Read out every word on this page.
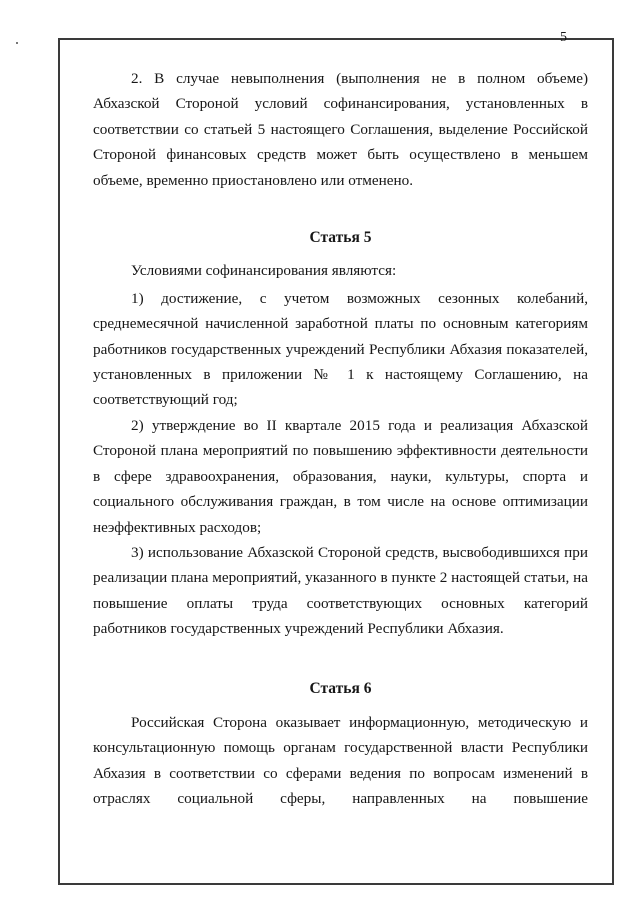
5

2. В случае невыполнения (выполнения не в полном объеме) Абхазской Стороной условий софинансирования, установленных в соответствии со статьей 5 настоящего Соглашения, выделение Российской Стороной финансовых средств может быть осуществлено в меньшем объеме, временно приостановлено или отменено.

Статья 5

Условиями софинансирования являются:

1) достижение, с учетом возможных сезонных колебаний, среднемесячной начисленной заработной платы по основным категориям работников государственных учреждений Республики Абхазия показателей, установленных в приложении № 1 к настоящему Соглашению, на соответствующий год;

2) утверждение во II квартале 2015 года и реализация Абхазской Стороной плана мероприятий по повышению эффективности деятельности в сфере здравоохранения, образования, науки, культуры, спорта и социального обслуживания граждан, в том числе на основе оптимизации неэффективных расходов;

3) использование Абхазской Стороной средств, высвободившихся при реализации плана мероприятий, указанного в пункте 2 настоящей статьи, на повышение оплаты труда соответствующих основных категорий работников государственных учреждений Республики Абхазия.

Статья 6

Российская Сторона оказывает информационную, методическую и консультационную помощь органам государственной власти Республики Абхазия в соответствии со сферами ведения по вопросам изменений в отраслях социальной сферы, направленных на повышение
